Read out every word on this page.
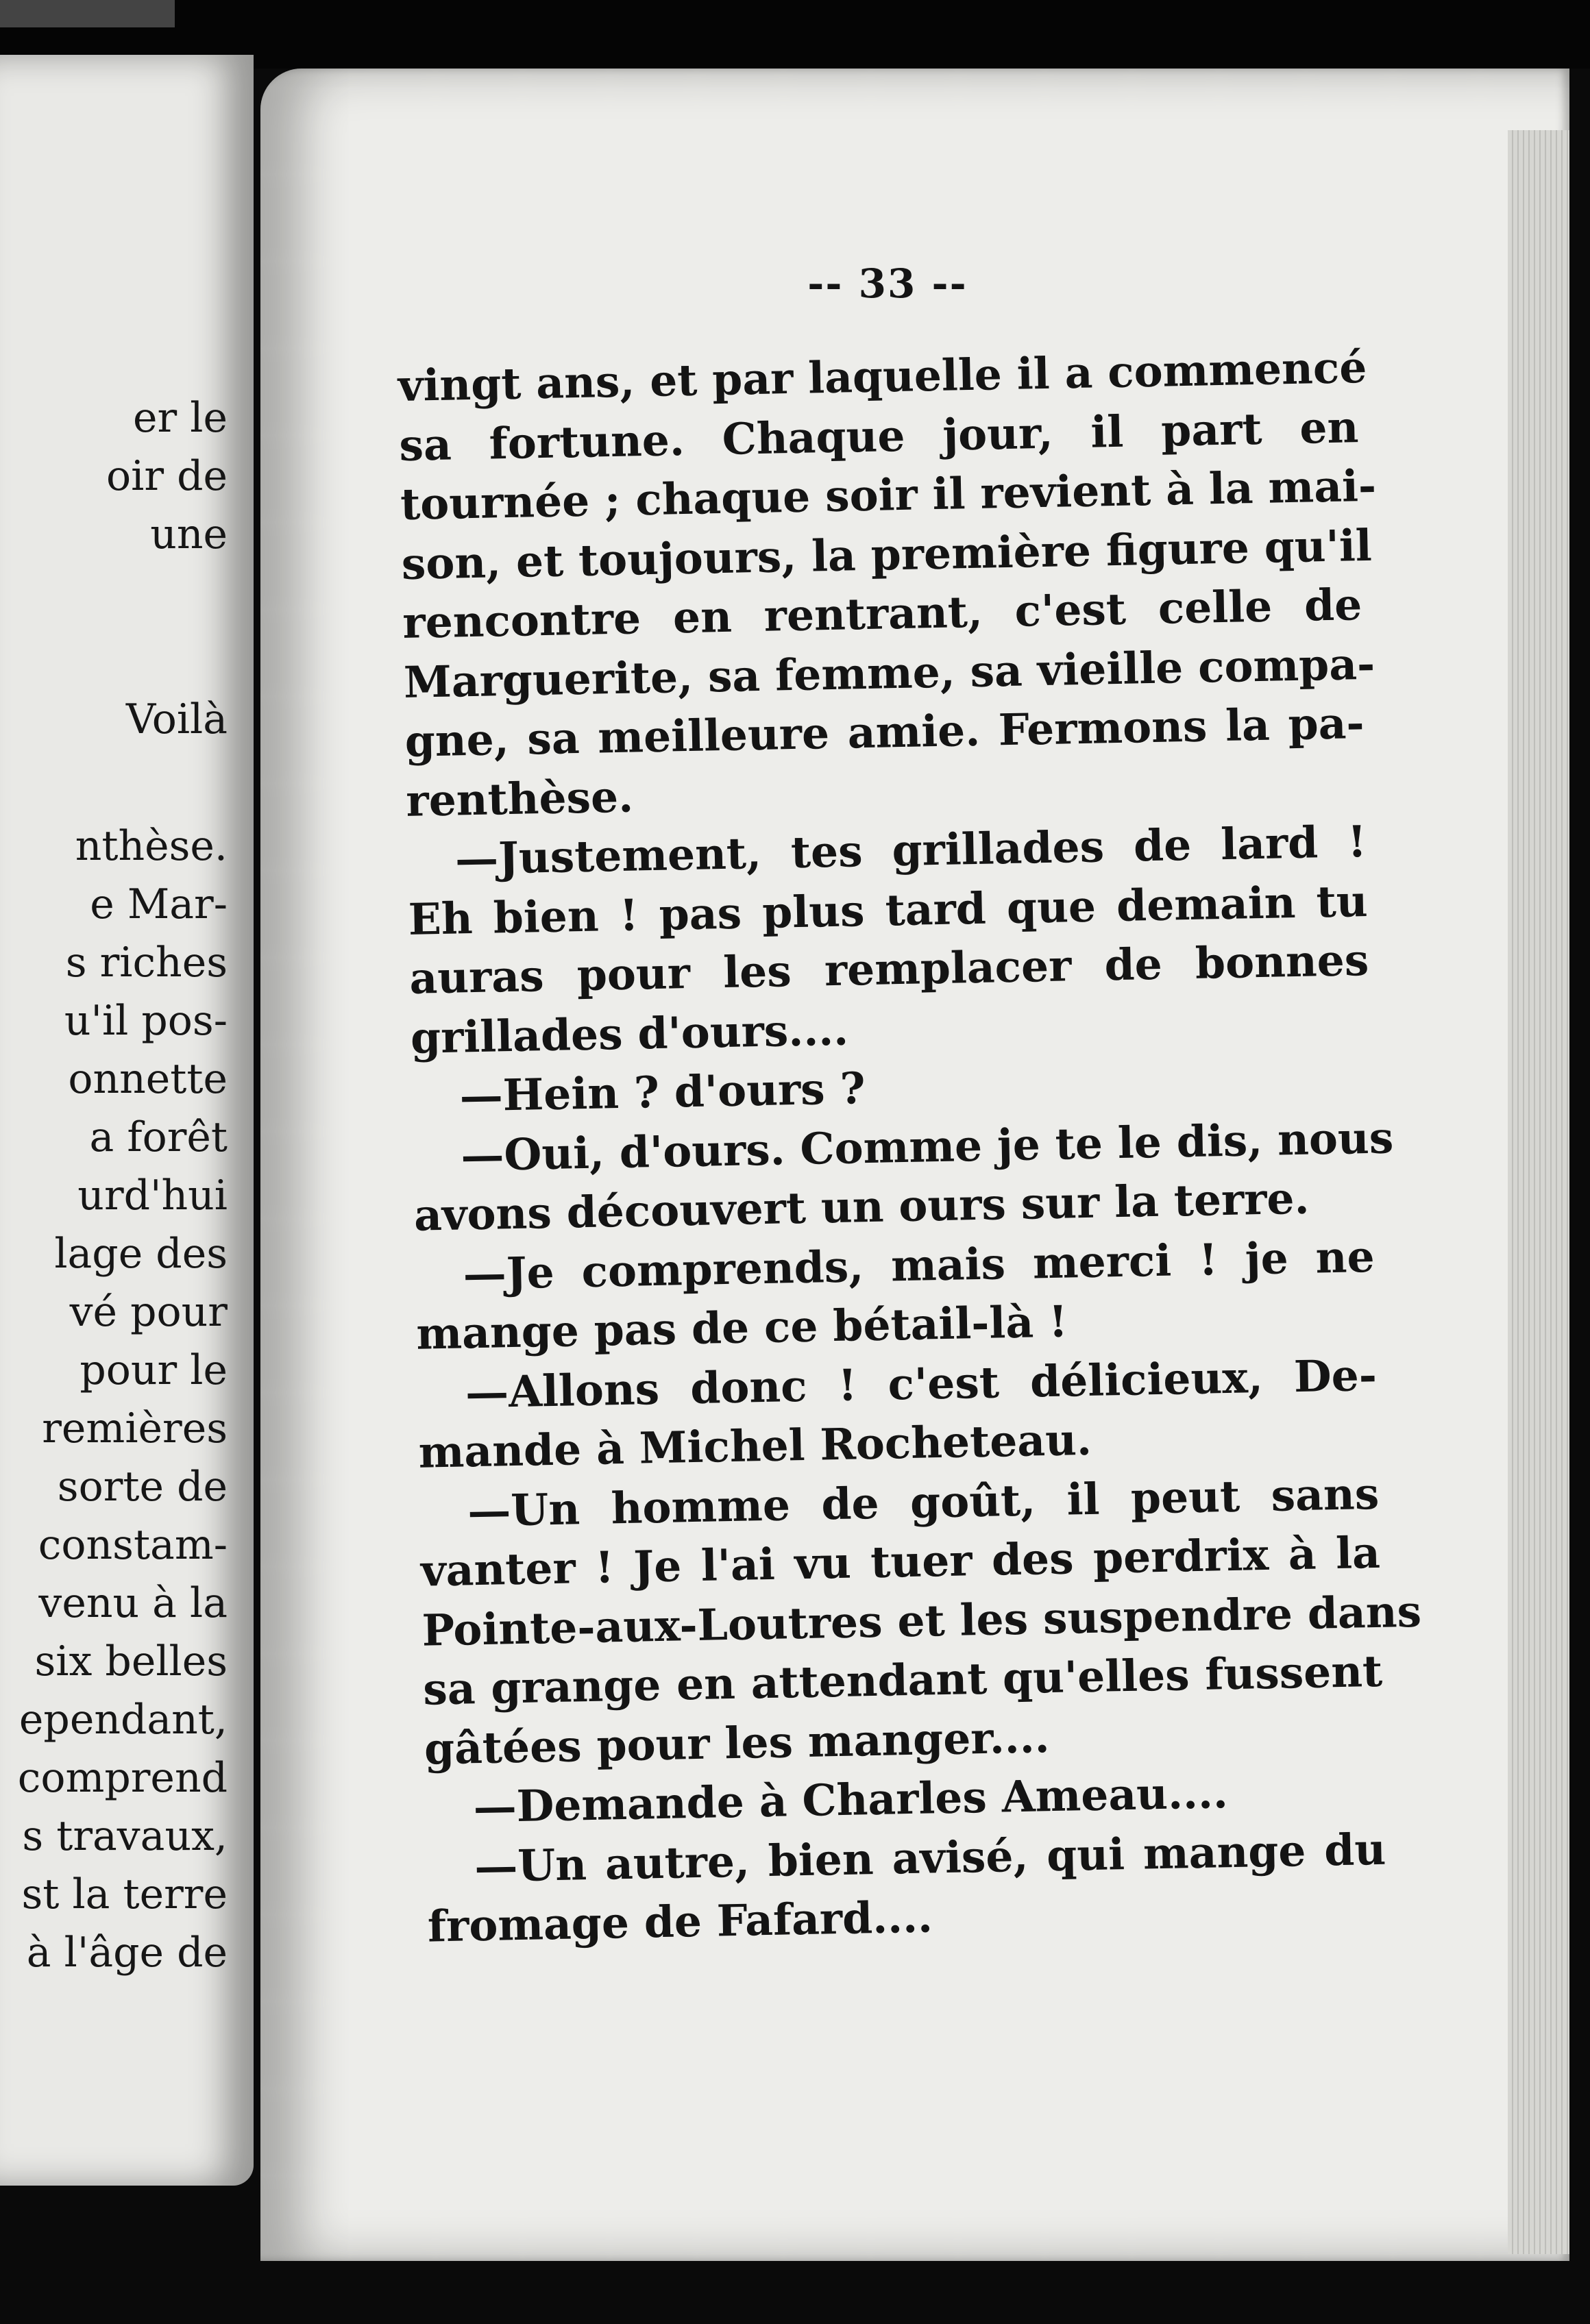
er le
oir de
une
Voilà
nthèse.
e Mar-
s riches
u'il pos-
onnette
a forêt
urd'hui
lage des
vé pour
pour le
remières
sorte de
constam-
venu à la
six belles
ependant,
comprend
s travaux,
st la terre
à l'âge de
-- 33 --
vingt ans, et par laquelle il a commencé
sa fortune. Chaque jour, il part en
tournée ; chaque soir il revient à la mai-
son, et toujours, la première figure qu'il
rencontre en rentrant, c'est celle de
Marguerite, sa femme, sa vieille compa-
gne, sa meilleure amie. Fermons la pa-
renthèse.
—Justement, tes grillades de lard !
Eh bien ! pas plus tard que demain tu
auras pour les remplacer de bonnes
grillades d'ours....
—Hein ? d'ours ?
—Oui, d'ours. Comme je te le dis, nous
avons découvert un ours sur la terre.
—Je comprends, mais merci ! je ne
mange pas de ce bétail-là !
—Allons donc ! c'est délicieux, De-
mande à Michel Rocheteau.
—Un homme de goût, il peut sans
vanter ! Je l'ai vu tuer des perdrix à la
Pointe-aux-Loutres et les suspendre dans
sa grange en attendant qu'elles fussent
gâtées pour les manger....
—Demande à Charles Ameau....
—Un autre, bien avisé, qui mange du
fromage de Fafard....
